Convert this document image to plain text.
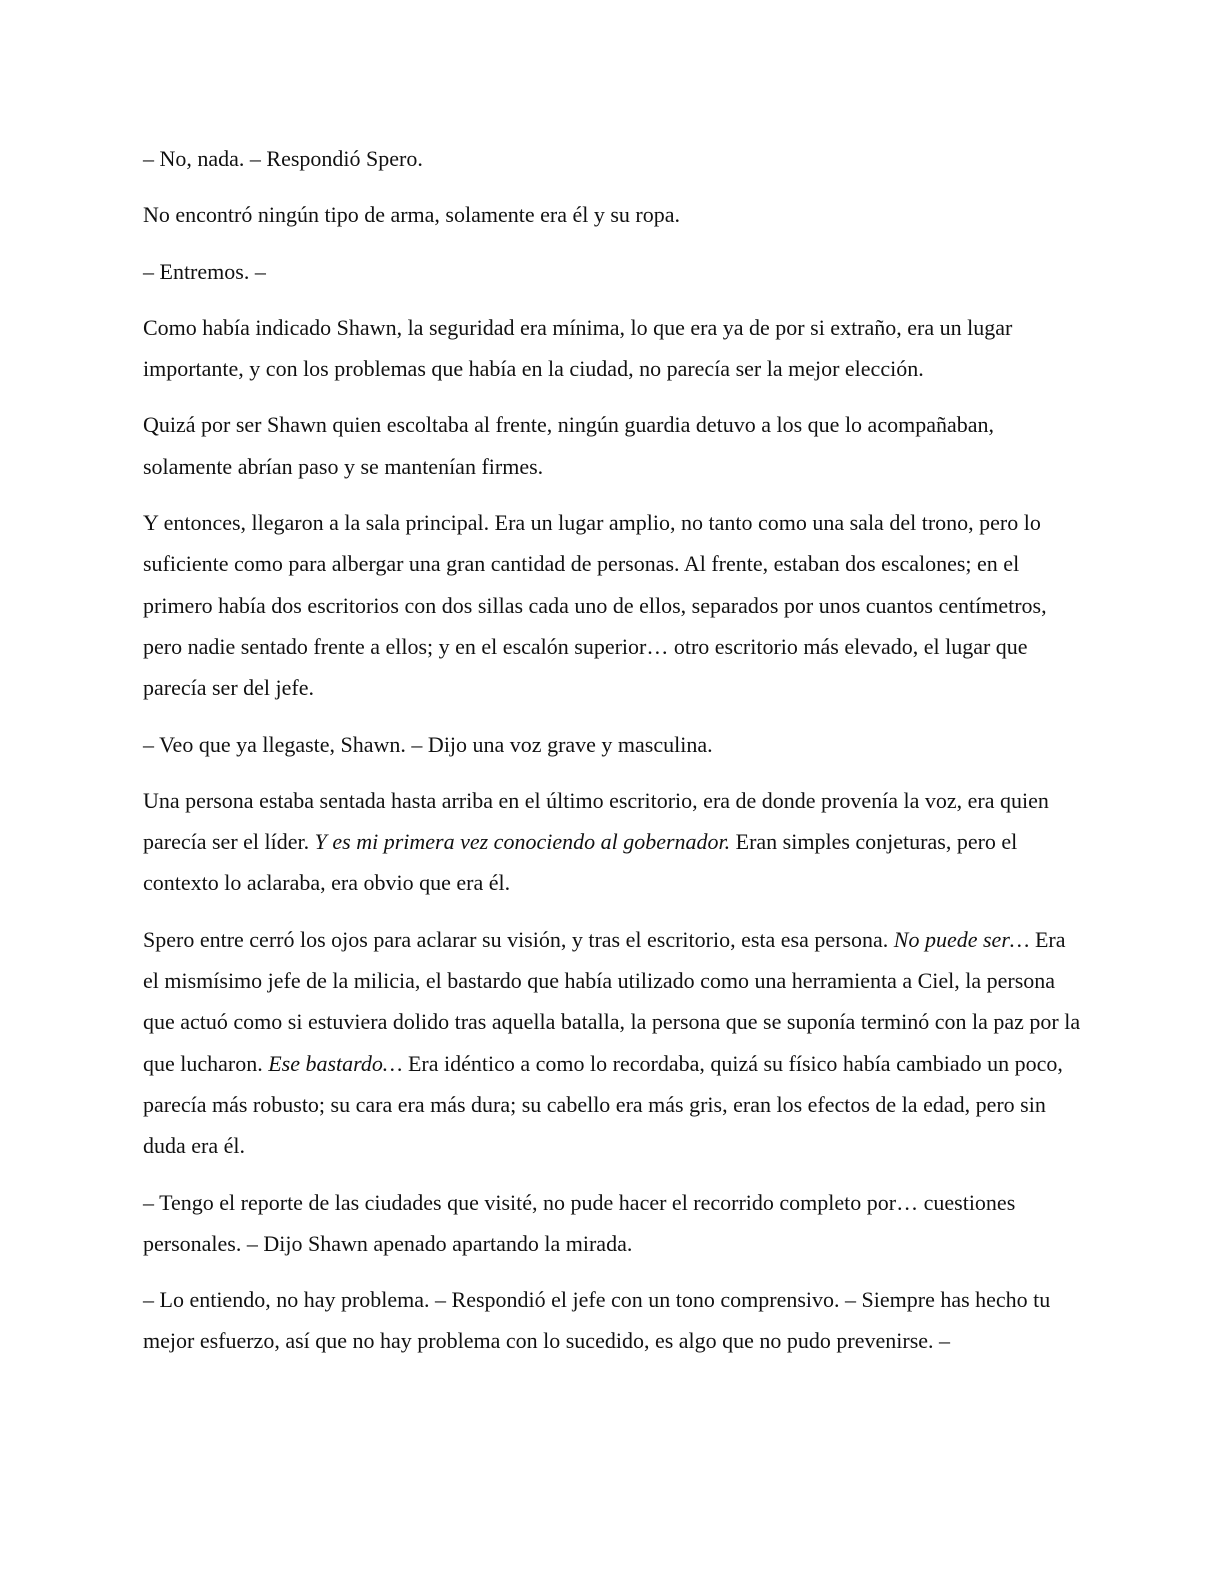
– No, nada. – Respondió Spero.

No encontró ningún tipo de arma, solamente era él y su ropa.

– Entremos. –

Como había indicado Shawn, la seguridad era mínima, lo que era ya de por si extraño, era un lugar importante, y con los problemas que había en la ciudad, no parecía ser la mejor elección.

Quizá por ser Shawn quien escoltaba al frente, ningún guardia detuvo a los que lo acompañaban, solamente abrían paso y se mantenían firmes.

Y entonces, llegaron a la sala principal. Era un lugar amplio, no tanto como una sala del trono, pero lo suficiente como para albergar una gran cantidad de personas. Al frente, estaban dos escalones; en el primero había dos escritorios con dos sillas cada uno de ellos, separados por unos cuantos centímetros, pero nadie sentado frente a ellos; y en el escalón superior… otro escritorio más elevado, el lugar que parecía ser del jefe.

– Veo que ya llegaste, Shawn. – Dijo una voz grave y masculina.

Una persona estaba sentada hasta arriba en el último escritorio, era de donde provenía la voz, era quien parecía ser el líder. Y es mi primera vez conociendo al gobernador. Eran simples conjeturas, pero el contexto lo aclaraba, era obvio que era él.

Spero entre cerró los ojos para aclarar su visión, y tras el escritorio, esta esa persona. No puede ser… Era el mismísimo jefe de la milicia, el bastardo que había utilizado como una herramienta a Ciel, la persona que actuó como si estuviera dolido tras aquella batalla, la persona que se suponía terminó con la paz por la que lucharon. Ese bastardo… Era idéntico a como lo recordaba, quizá su físico había cambiado un poco, parecía más robusto; su cara era más dura; su cabello era más gris, eran los efectos de la edad, pero sin duda era él.

– Tengo el reporte de las ciudades que visité, no pude hacer el recorrido completo por… cuestiones personales. – Dijo Shawn apenado apartando la mirada.

– Lo entiendo, no hay problema. – Respondió el jefe con un tono comprensivo. – Siempre has hecho tu mejor esfuerzo, así que no hay problema con lo sucedido, es algo que no pudo prevenirse. –
